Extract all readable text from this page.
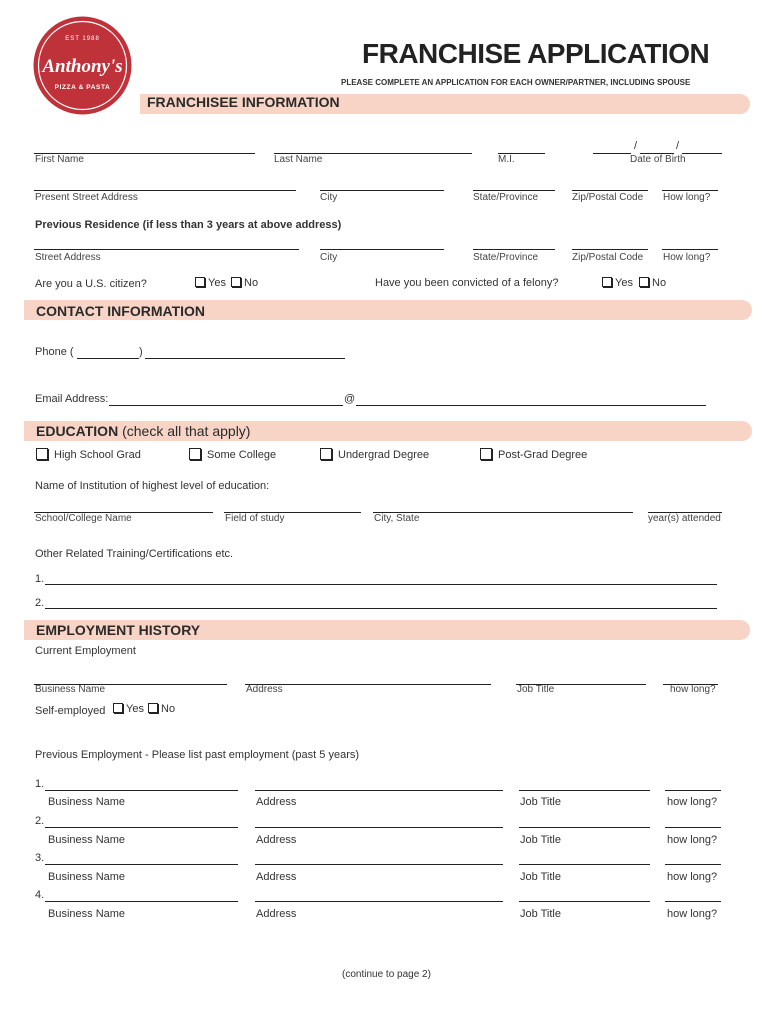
EST 1988
Anthony's
PIZZA & PASTA
FRANCHISE APPLICATION
PLEASE COMPLETE AN APPLICATION FOR EACH OWNER/PARTNER, INCLUDING SPOUSE
FRANCHISEE INFORMATION
/	/
First Name	Last Name	M.I.	Date of Birth
Present Street Address	City	State/Province	Zip/Postal Code How long?
Previous Residence (if less than 3 years at above address)
Street Address	City	State/Province	Zip/Postal Code How long?
Are you a U.S. citizen?	Yes	No	Have you been convicted of a felony?	Yes	No
CONTACT INFORMATION
Phone (	)
Email Address:	@
EDUCATION (check all that apply)
High School Grad	Some College	Undergrad Degree	Post-Grad Degree
Name of Institution of highest level of education:
School/College Name	Field of study	City, State	year(s) attended
Other Related Training/Certifications etc.
1.
2.
EMPLOYMENT HISTORY
Current Employment
Business Name	Address	Job Title	how long?
Self-employed	Yes	No
Previous Employment - Please list past employment (past 5 years)
1.
Business Name	Address	Job Title	how long?
2.
Business Name	Address	Job Title	how long?
3.
Business Name	Address	Job Title	how long?
4.
Business Name	Address	Job Title	how long?
(continue to page 2)
